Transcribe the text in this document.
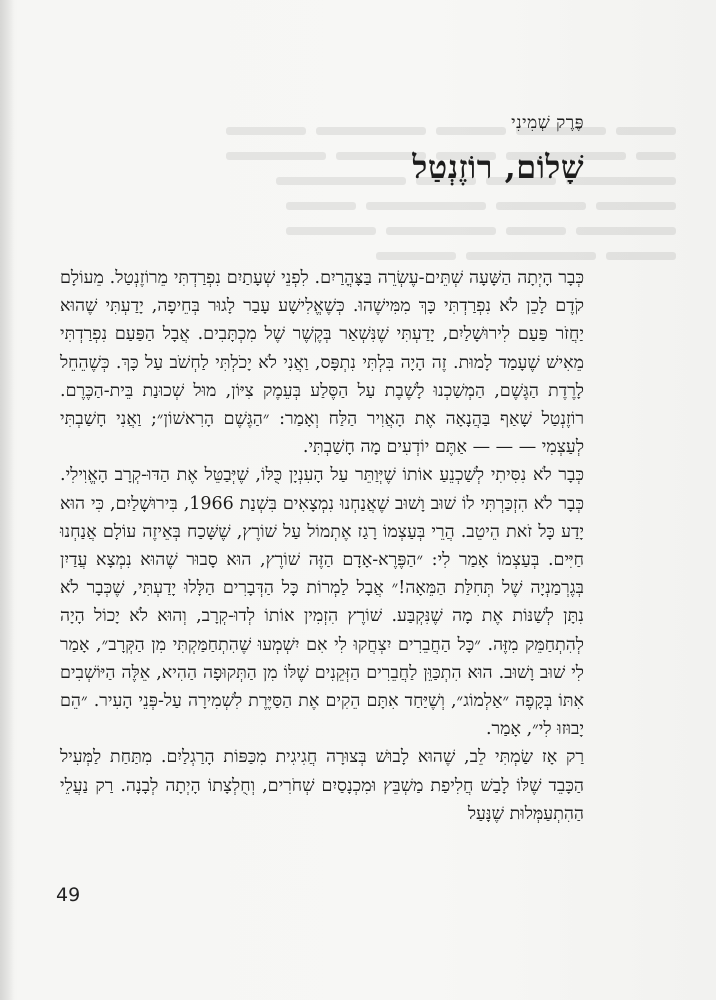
פֶּרֶק שְׁמִינִי
שָׁלוֹם, רוֹזֶנְטַל

כְּבָר הָיְתָה הַשָּׁעָה שְׁתֵּים-עֶשְׂרֵה בַּצָּהֳרַיִם. לִפְנֵי שְׁעָתַיִם נִפְרַדְתִּי מֵרוֹזֶנְטַל. מֵעוֹלָם קֹדֶם לָכֵן לֹא נִפְרַדְתִּי כָּךְ מִמִּישֶׁהוּ. כְּשֶׁאֱלִישָׁע עָבַר לָגוּר בְּחֵיפָה, יָדַעְתִּי שֶׁהוּא יַחֲזֹר פַּעַם לִירוּשָׁלַיִם, יָדַעְתִּי שֶׁנִּשְׁאַר בְּקֶשֶׁר שֶׁל מִכְתָּבִים. אֲבָל הַפַּעַם נִפְרַדְתִּי מֵאִישׁ שֶׁעָמַד לָמוּת. זֶה הָיָה בִּלְתִּי נִתְפָּס, וַאֲנִי לֹא יָכֹלְתִּי לַחְשֹׁב עַל כָּךְ. כְּשֶׁהֵחֵל לָרֶדֶת הַגֶּשֶׁם, הַמְשַׁכְנוּ לָשֶׁבֶת עַל הַסֶּלַע בְּעֵמֶק צִיּוֹן, מוּל שְׁכוּנַת בֵּית-הַכֶּרֶם. רוֹזֶנְטַל שָׁאַף בַּהֲנָאָה אֶת הָאֲוִיר הַלַּח וְאָמַר: ״הַגֶּשֶׁם הָרִאשׁוֹן״; וַאֲנִי חָשַׁבְתִּי לְעַצְמִי — — — אַתֶּם יוֹדְעִים מָה חָשַׁבְתִּי.

כְּבָר לֹא נִסִּיתִי לְשַׁכְנֵעַ אוֹתוֹ שֶׁיְּוַתֵּר עַל הָעִנְיָן כֻּלּוֹ, שֶׁיְּבַטֵּל אֶת הַדּוּ-קְרָב הָאֱוִילִי. כְּבָר לֹא הִזְכַּרְתִּי לוֹ שׁוּב וָשׁוּב שֶׁאֲנַחְנוּ נִמְצָאִים בִּשְׁנַת 1966, בִּירוּשָׁלַיִם, כִּי הוּא יָדַע כָּל זֹאת הֵיטֵב. הֲרֵי בְּעַצְמוֹ רָגַז אֶתְמוֹל עַל שׁוֹרֶץ, שֶׁשָּׁכַח בְּאֵיזֶה עוֹלָם אֲנַחְנוּ חַיִּים. בְּעַצְמוֹ אָמַר לִי: ״הַפֶּרֶא-אָדָם הַזֶּה שׁוֹרֶץ, הוּא סָבוּר שֶׁהוּא נִמְצָא עֲדַיִן בְּגֶרְמַנְיָה שֶׁל תְּחִלַּת הַמֵּאָה!״ אֲבָל לַמְרוֹת כָּל הַדְּבָרִים הַלָּלוּ יָדַעְתִּי, שֶׁכְּבָר לֹא נִתָּן לְשַׁנּוֹת אֶת מָה שֶׁנִּקְבַּע. שׁוֹרֶץ הִזְמִין אוֹתוֹ לְדוּ-קְרָב, וְהוּא לֹא יָכוֹל הָיָה לְהִתְחַמֵּק מִזֶּה. ״כָּל הַחֲבֵרִים יִצְחֲקוּ לִי אִם יִשְׁמְעוּ שֶׁהִתְחַמַּקְתִּי מִן הַקְּרָב״, אָמַר לִי שׁוּב וָשׁוּב. הוּא הִתְכַּוֵּן לַחֲבֵרִים הַזְּקֵנִים שֶׁלּוֹ מִן הַתְּקוּפָה הַהִיא, אֵלֶּה הַיּוֹשְׁבִים אִתּוֹ בְּקָפֶה ״אַלְמוֹג״, וְשֶׁיַּחַד אִתָּם הֵקִים אֶת הַסַּיֶּרֶת לִשְׁמִירָה עַל-פְּנֵי הָעִיר. ״הֵם יָבוּזוּ לִי״, אָמַר.

רַק אָז שַׂמְתִּי לֵב, שֶׁהוּא לָבוּשׁ בְּצוּרָה חֲגִיגִית מִכַּפּוֹת הָרַגְלַיִם. מִתַּחַת לַמְּעִיל הַכָּבֵד שֶׁלּוֹ לָבַשׁ חֲלִיפַת מַשְׁבֵּץ וּמִכְנָסַיִם שְׁחֹרִים, וְחֻלְצָתוֹ הָיְתָה לְבָנָה. רַק נַעֲלֵי הַהִתְעַמְּלוּת שֶׁנָּעַל

49
